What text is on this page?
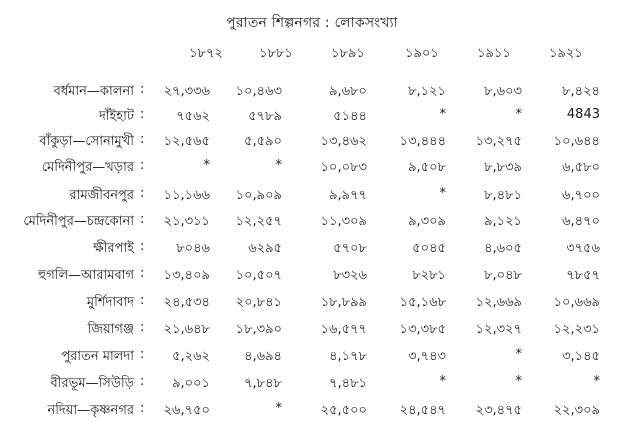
পুরাতন শিল্পনগর : লোকসংখ্যা
১৮৭২	১৮৮১	১৮৯১	১৯০১	১৯১১	১৯২১
বর্ধমান—কালনা :	২৭,৩৩৬	১০,৪৬৩	৯,৬৮০	৮,১২১	৮,৬০৩	৮,৪২৪
দাঁইহাট :	৭৫৬২	৫৭৮৯	৫১৪৪	*	*	4843
বাঁকুড়া—সোনামুখী :	১২,৫৬৫	৫,৫৯০	১৩,৪৬২	১৩,৪৪৪	১৩,২৭৫	১০,৬৪৪
মেদিনীপুর—খড়ার :	*	*	১০,০৮৩	৯,৫০৮	৮,৮৩৯	৬,৫৮০
রামজীবনপুর :	১১,১৬৬	১০,৯০৯	৯,৯৭৭	*	৮,৪৮১	৬,৭০০
মেদিনীপুর—চন্দ্রকোনা :	২১,৩১১	১২,২৫৭	১১,৩০৯	৯,৩০৯	৯,১২১	৬,৪৭০
ক্ষীরপাই :	৮০৪৬	৬২৯৫	৫৭০৮	৫০৪৫	৪,৬০৫	৩৭৫৬
হুগলি—আরামবাগ :	১৩,৪০৯	১০,৫০৭	৮৩২৬	৮২৮১	৮,০৪৮	৭৮৫৭
মুর্শিদাবাদ :	২৪,৫৩৪	২০,৮৪১	১৮,৮৯৯	১৫,১৬৮	১২,৬৬৯	১০,৬৬৯
জিয়াগঞ্জ :	২১,৬৪৮	১৮,৩৯০	১৬,৫৭৭	১৩,৩৮৫	১২,৩২৭	১২,২৩১
পুরাতন মালদা :	৫,২৬২	৪,৬৯৪	৪,১৭৮	৩,৭৪৩	*	৩,১৪৫
বীরভূম—সিউড়ি :	৯,০০১	৭,৮৪৮	৭,৪৮১	*	*	*
নদিয়া—কৃষ্ণনগর :	২৬,৭৫০	*	২৫,৫০০	২৪,৫৪৭	২৩,৪৭৫	২২,৩০৯
